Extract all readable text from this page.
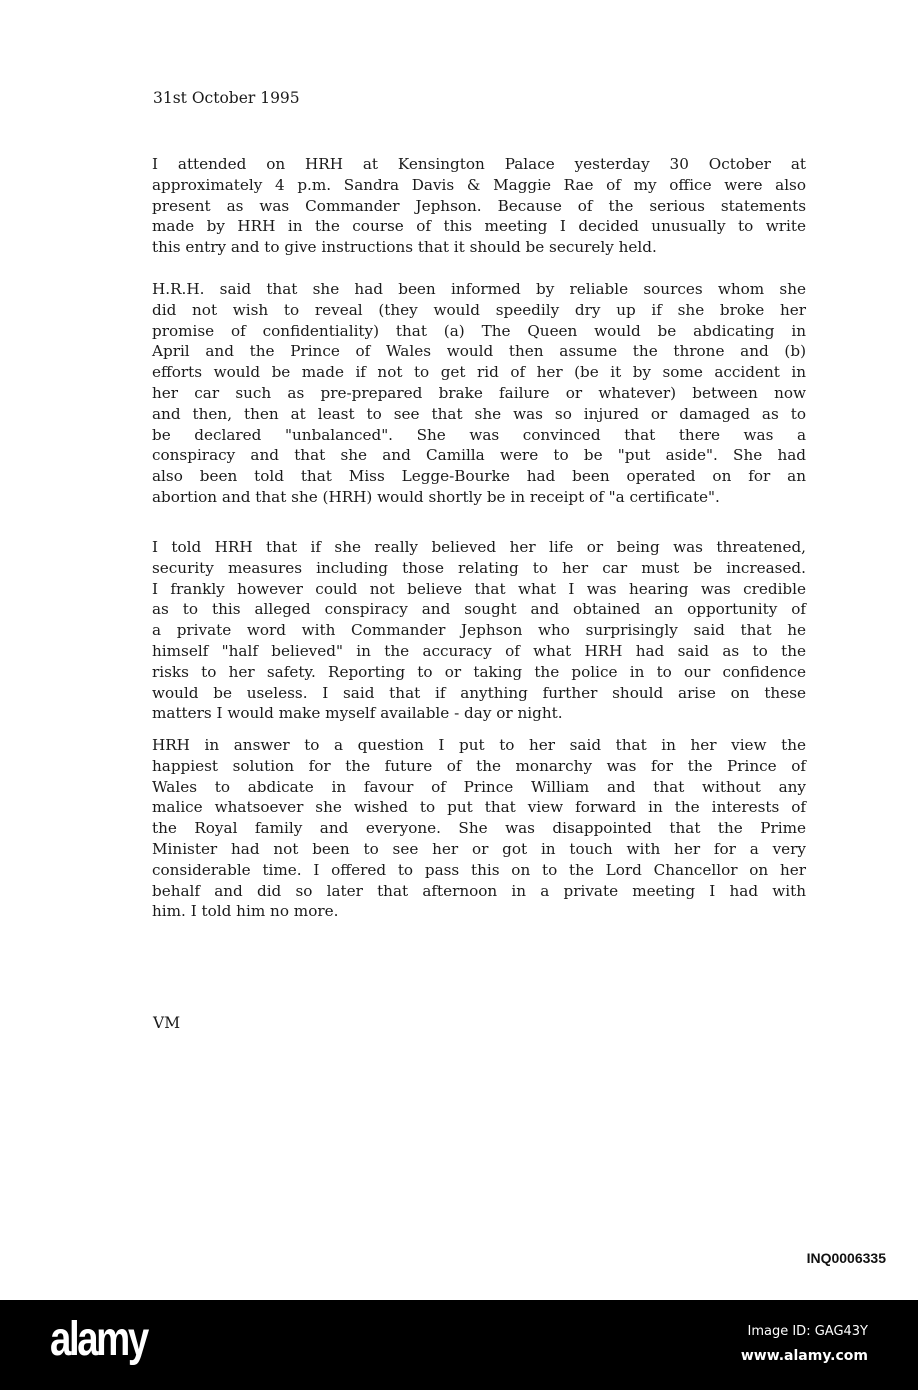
31st October 1995
I attended on HRH at Kensington Palace yesterday 30 October at
approximately 4 p.m. Sandra Davis & Maggie Rae of my office were also
present as was Commander Jephson. Because of the serious statements
made by HRH in the course of this meeting I decided unusually to write
this entry and to give instructions that it should be securely held.
H.R.H. said that she had been informed by reliable sources whom she
did not wish to reveal (they would speedily dry up if she broke her
promise of confidentiality) that (a) The Queen would be abdicating in
April and the Prince of Wales would then assume the throne and (b)
efforts would be made if not to get rid of her (be it by some accident in
her car such as pre-prepared brake failure or whatever) between now
and then, then at least to see that she was so injured or damaged as to
be declared "unbalanced". She was convinced that there was a
conspiracy and that she and Camilla were to be "put aside". She had
also been told that Miss Legge-Bourke had been operated on for an
abortion and that she (HRH) would shortly be in receipt of "a certificate".
I told HRH that if she really believed her life or being was threatened,
security measures including those relating to her car must be increased.
I frankly however could not believe that what I was hearing was credible
as to this alleged conspiracy and sought and obtained an opportunity of
a private word with Commander Jephson who surprisingly said that he
himself "half believed" in the accuracy of what HRH had said as to the
risks to her safety. Reporting to or taking the police in to our confidence
would be useless. I said that if anything further should arise on these
matters I would make myself available - day or night.
HRH in answer to a question I put to her said that in her view the
happiest solution for the future of the monarchy was for the Prince of
Wales to abdicate in favour of Prince William and that without any
malice whatsoever she wished to put that view forward in the interests of
the Royal family and everyone. She was disappointed that the Prime
Minister had not been to see her or got in touch with her for a very
considerable time. I offered to pass this on to the Lord Chancellor on her
behalf and did so later that afternoon in a private meeting I had with
him. I told him no more.
VM
INQ0006335
alamy	Image ID: GAG43Y
www.alamy.com
